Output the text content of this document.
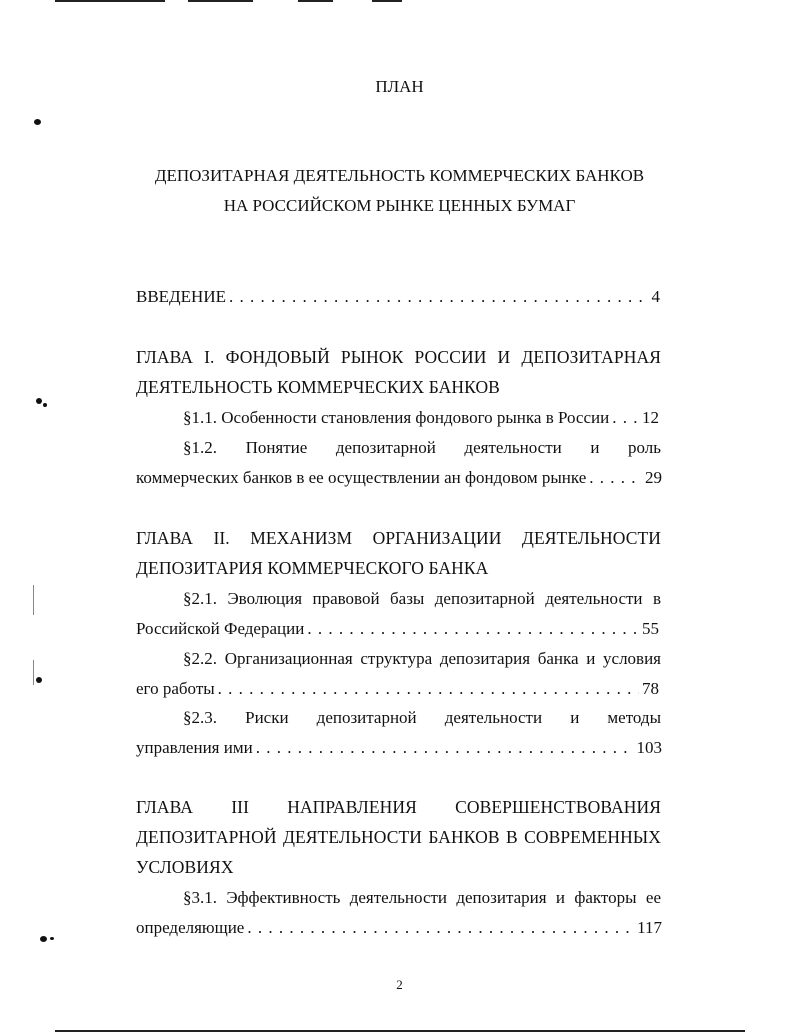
ПЛАН
ДЕПОЗИТАРНАЯ ДЕЯТЕЛЬНОСТЬ КОММЕРЧЕСКИХ БАНКОВ
НА РОССИЙСКОМ РЫНКЕ ЦЕННЫХ БУМАГ
ВВЕДЕНИЕ . . .	4
ГЛАВА I. ФОНДОВЫЙ РЫНОК РОССИИ И ДЕПОЗИТАРНАЯ
ДЕЯТЕЛЬНОСТЬ КОММЕРЧЕСКИХ БАНКОВ
§1.1. Особенности становления фондового рынка в России . . . 12
§1.2. Понятие депозитарной деятельности и роль
коммерческих банков в ее осуществлении ан фондовом рынке . . .	29
ГЛАВА II. МЕХАНИЗМ ОРГАНИЗАЦИИ ДЕЯТЕЛЬНОСТИ
ДЕПОЗИТАРИЯ КОММЕРЧЕСКОГО БАНКА
§2.1. Эволюция правовой базы депозитарной деятельности в
Российской Федерации . . .	55
§2.2. Организационная структура депозитария банка и условия
его работы . . .	78
§2.3. Риски депозитарной деятельности и методы
управления ими . . .	103
ГЛАВА III НАПРАВЛЕНИЯ СОВЕРШЕНСТВОВАНИЯ
ДЕПОЗИТАРНОЙ ДЕЯТЕЛЬНОСТИ БАНКОВ В СОВРЕМЕННЫХ
УСЛОВИЯХ
§3.1. Эффективность деятельности депозитария и факторы ее
определяющие . . .	117
2
